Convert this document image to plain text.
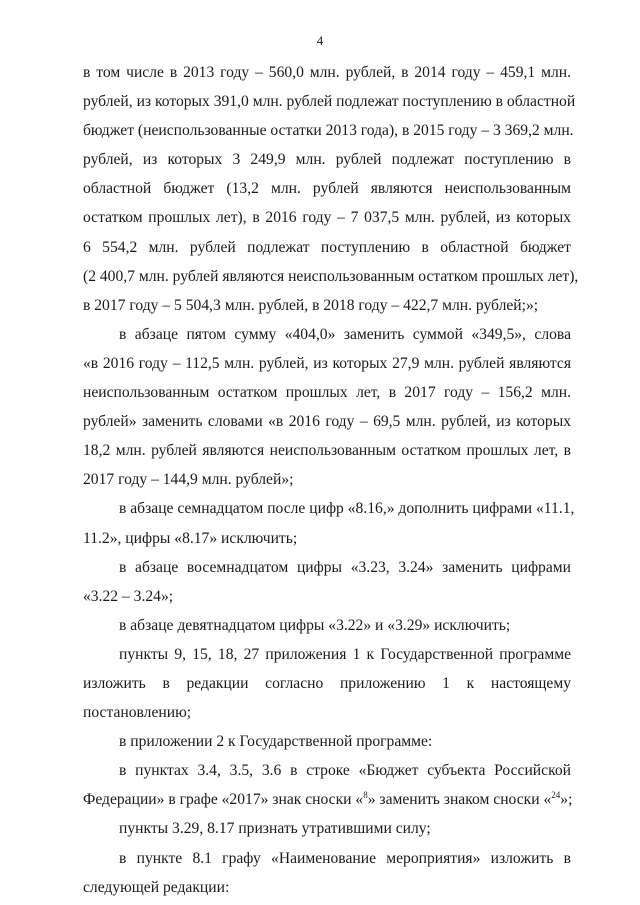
4
в том числе в 2013 году – 560,0 млн. рублей, в 2014 году – 459,1 млн.
рублей, из которых 391,0 млн. рублей подлежат поступлению в областной
бюджет (неиспользованные остатки 2013 года), в 2015 году – 3 369,2 млн.
рублей, из которых 3 249,9 млн. рублей подлежат поступлению в
областной бюджет (13,2 млн. рублей являются неиспользованным
остатком прошлых лет), в 2016 году – 7 037,5 млн. рублей, из которых
6 554,2 млн. рублей подлежат поступлению в областной бюджет
(2 400,7 млн. рублей являются неиспользованным остатком прошлых лет),
в 2017 году – 5 504,3 млн. рублей, в 2018 году – 422,7 млн. рублей;»;
в абзаце пятом сумму «404,0» заменить суммой «349,5», слова
«в 2016 году – 112,5 млн. рублей, из которых 27,9 млн. рублей являются
неиспользованным остатком прошлых лет, в 2017 году – 156,2 млн.
рублей» заменить словами «в 2016 году – 69,5 млн. рублей, из которых
18,2 млн. рублей являются неиспользованным остатком прошлых лет, в
2017 году – 144,9 млн. рублей»;
в абзаце семнадцатом после цифр «8.16,» дополнить цифрами «11.1,
11.2», цифры «8.17» исключить;
в абзаце восемнадцатом цифры «3.23, 3.24» заменить цифрами
«3.22 – 3.24»;
в абзаце девятнадцатом цифры «3.22» и «3.29» исключить;
пункты 9, 15, 18, 27 приложения 1 к Государственной программе
изложить в редакции согласно приложению 1 к настоящему
постановлению;
в приложении 2 к Государственной программе:
в пунктах 3.4, 3.5, 3.6 в строке «Бюджет субъекта Российской
Федерации» в графе «2017» знак сноски «$^8$» заменить знаком сноски «$^{24}$»;
пункты 3.29, 8.17 признать утратившими силу;
в пункте 8.1 графу «Наименование мероприятия» изложить в
следующей редакции:
